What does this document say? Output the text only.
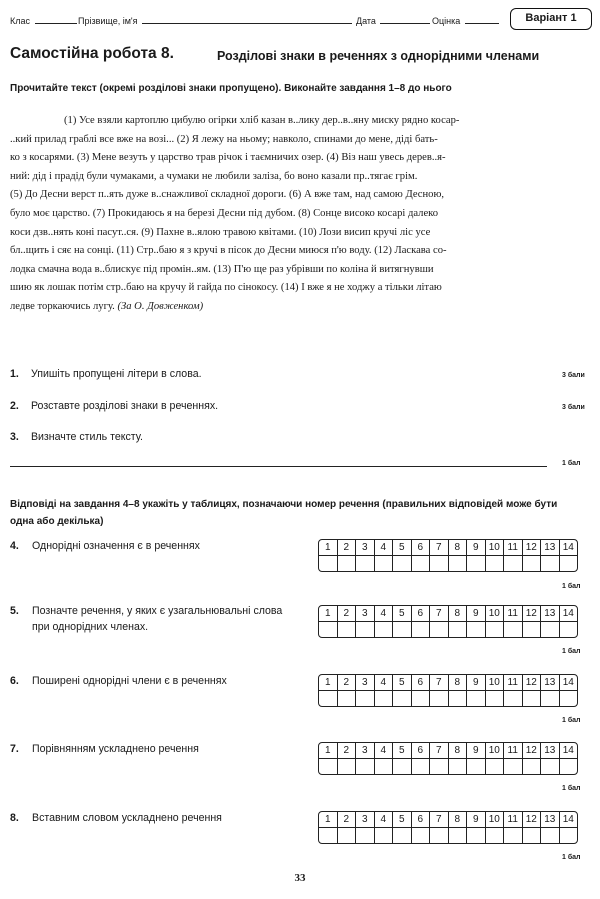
Клас	Прізвище, ім'я	Дата	Оцінка	Варіант 1
Самостійна робота 8.	Розділові знаки в реченнях з однорідними членами
Прочитайте текст (окремі розділові знаки пропущено). Виконайте завдання 1–8 до нього
(1) Усе взяли картоплю цибулю огірки хліб казан в..лику дер..в..яну миску рядно косар-
..кий прилад граблі все вже на возі... (2) Я лежу на ньому; навколо, спинами до мене, діді бать-
ко з косарями. (3) Мене везуть у царство трав річок і таємничих озер. (4) Віз наш увесь дерев..я-
ний: дід і прадід були чумаками, а чумаки не любили заліза, бо воно казали пр..тягає грім.
(5) До Десни верст п..ять дуже в..снажливої складної дороги. (6) А вже там, над самою Десною,
було моє царство. (7) Прокидаюсь я на березі Десни під дубом. (8) Сонце високо косарі далеко
коси дзв..нять коні пасут..ся. (9) Пахне в..ялою травою квітами. (10) Лози висип кручі ліс усе
бл..щить і сяє на сонці. (11) Стр..баю я з кручі в пісок до Десни миюся п'ю воду. (12) Ласкава со-
лодка смачна вода в..блискує під промін..ям. (13) П'ю ще раз убрівши по коліна й витягнувши
шию як лошак потім стр..баю на кручу й гайда по сінокосу. (14) І вже я не ходжу а тільки літаю
ледве торкаючись лугу. (За О. Довженком)
1. Упишіть пропущені літери в слова.	3 бали
2. Розставте розділові знаки в реченнях.	3 бали
3. Визначте стиль тексту.
1 бал
Відповіді на завдання 4–8 укажіть у таблицях, позначаючи номер речення (правильних відповідей може бути одна або декілька)
4. Однорідні означення є в реченнях	1	2	3	4	5	6	7	8	9	10 11 12 13 14
1 бал
5. Позначте речення, у яких є узагальнювальні слова при однорідних членах.
1	2	3	4	5	6	7	8	9	10 11 12 13 14
1 бал
6. Поширені однорідні члени є в реченнях	1	2	3	4	5	6	7	8	9	10 11 12 13 14
1 бал
7. Порівнянням ускладнено речення	1	2	3	4	5	6	7	8	9	10 11 12 13 14
1 бал
8. Вставним словом ускладнено речення	1	2	3	4	5	6	7	8	9	10 11 12 13 14
1 бал
33
